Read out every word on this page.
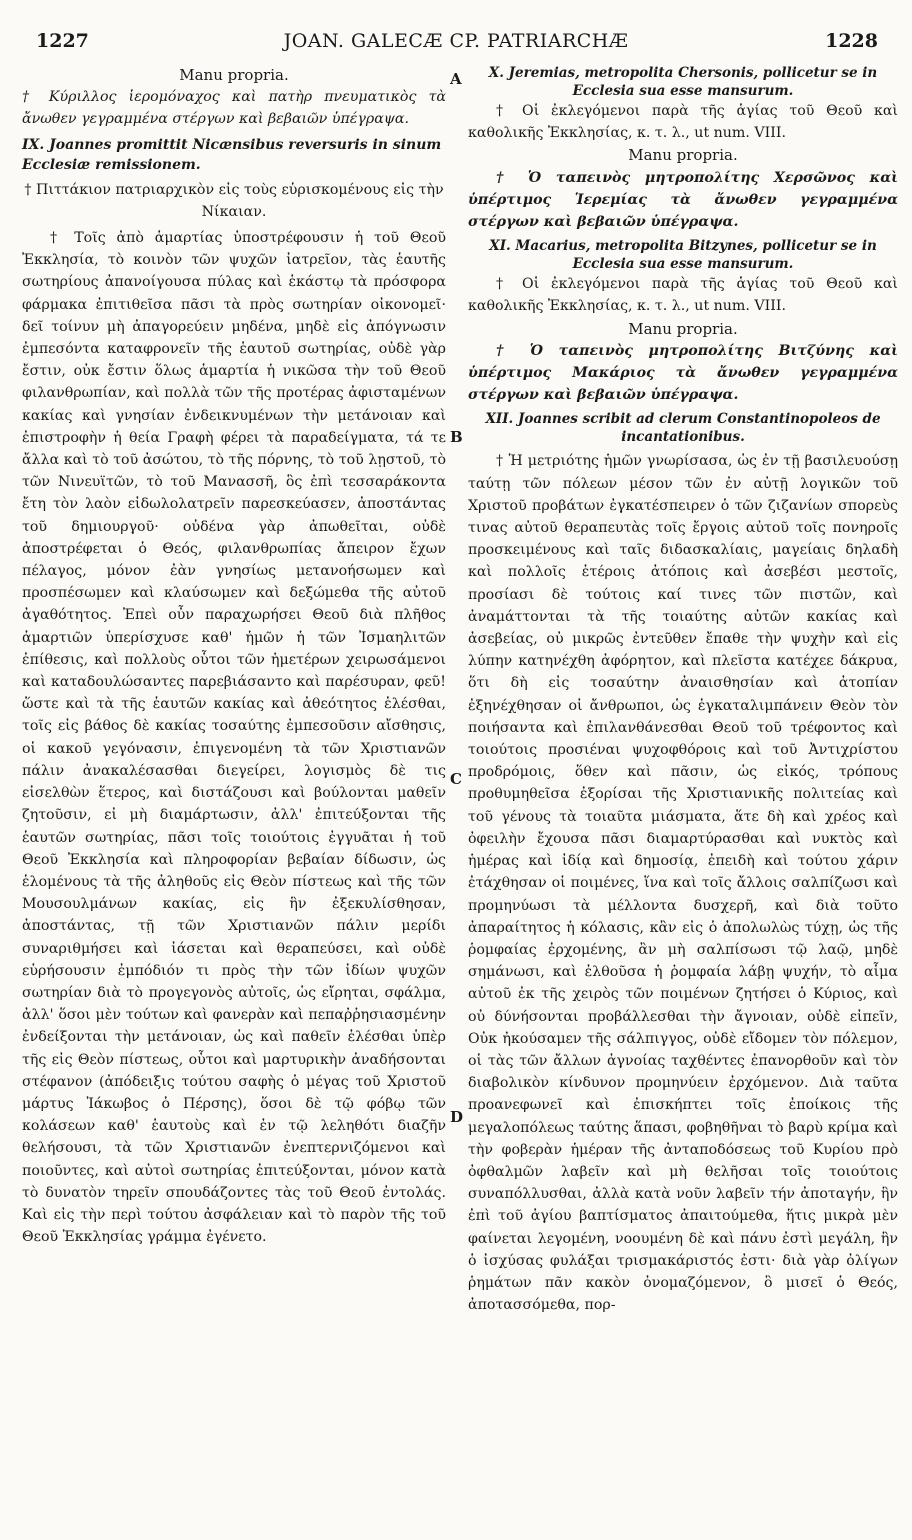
1227	JOAN. GALECÆ CP. PATRIARCHÆ	1228
A
B
C
D

Manu propria.

† Κύριλλος ἱερομόναχος καὶ πατὴρ πνευματικὸς τὰ ἄνωθεν γεγραμμένα στέργων καὶ βεβαιῶν ὑπέγραψα.

IX. Joannes promittit Nicænsibus reversuris in sinum Ecclesiæ remissionem.

† Πιττάκιον πατριαρχικὸν εἰς τοὺς εὑρισκομένους εἰς τὴν Νίκαιαν.

† Τοῖς ἀπὸ ἁμαρτίας ὑποστρέφουσιν ἡ τοῦ Θεοῦ Ἐκκλησία, τὸ κοινὸν τῶν ψυχῶν ἰατρεῖον, τὰς ἑαυτῆς σωτηρίους ἀπανοίγουσα πύλας καὶ ἑκάστῳ τὰ πρόσφορα φάρμακα ἐπιτιθεῖσα πᾶσι τὰ πρὸς σωτηρίαν οἰκονομεῖ· δεῖ τοίνυν μὴ ἀπαγορεύειν μηδένα, μηδὲ εἰς ἀπόγνωσιν ἐμπεσόντα καταφρονεῖν τῆς ἑαυτοῦ σωτηρίας, οὐδὲ γὰρ ἔστιν, οὐκ ἔστιν ὅλως ἁμαρτία ἡ νικῶσα τὴν τοῦ Θεοῦ φιλανθρωπίαν, καὶ πολλὰ τῶν τῆς προτέρας ἀφισταμένων κακίας καὶ γνησίαν ἐνδεικνυμένων τὴν μετάνοιαν καὶ ἐπιστροφὴν ἡ θεία Γραφὴ φέρει τὰ παραδείγματα, τά τε ἄλλα καὶ τὸ τοῦ ἀσώτου, τὸ τῆς πόρνης, τὸ τοῦ λῃστοῦ, τὸ τῶν Νινευϊτῶν, τὸ τοῦ Μανασσῆ, ὃς ἐπὶ τεσσαράκοντα ἔτη τὸν λαὸν εἰδωλολατρεῖν παρεσκεύασεν, ἀποστάντας τοῦ δημιουργοῦ· οὐδένα γὰρ ἀπωθεῖται, οὐδὲ ἀποστρέφεται ὁ Θεός, φιλανθρωπίας ἄπειρον ἔχων πέλαγος, μόνον ἐὰν γνησίως μετανοήσωμεν καὶ προσπέσωμεν καὶ κλαύσωμεν καὶ δεξώμεθα τῆς αὐτοῦ ἀγαθότητος. Ἐπεὶ οὖν παραχωρήσει Θεοῦ διὰ πλῆθος ἁμαρτιῶν ὑπερίσχυσε καθ' ἡμῶν ἡ τῶν Ἰσμαηλιτῶν ἐπίθεσις, καὶ πολλοὺς οὗτοι τῶν ἡμετέρων χειρωσάμενοι καὶ καταδουλώσαντες παρεβιάσαντο καὶ παρέσυραν, φεῦ! ὥστε καὶ τὰ τῆς ἑαυτῶν κακίας καὶ ἀθεότητος ἑλέσθαι, τοῖς εἰς βάθος δὲ κακίας τοσαύτης ἐμπεσοῦσιν αἴσθησις, οἱ κακοῦ γεγόνασιν, ἐπιγενομένη τὰ τῶν Χριστιανῶν πάλιν ἀνακαλέσασθαι διεγείρει, λογισμὸς δὲ τις εἰσελθὼν ἕτερος, καὶ διστάζουσι καὶ βούλονται μαθεῖν ζητοῦσιν, εἰ μὴ διαμάρτωσιν, ἀλλ' ἐπιτεύξονται τῆς ἑαυτῶν σωτηρίας, πᾶσι τοῖς τοιούτοις ἐγγυᾶται ἡ τοῦ Θεοῦ Ἐκκλησία καὶ πληροφορίαν βεβαίαν δίδωσιν, ὡς ἑλομένους τὰ τῆς ἀληθοῦς εἰς Θεὸν πίστεως καὶ τῆς τῶν Μουσουλμάνων κακίας, εἰς ἣν ἐξεκυλίσθησαν, ἀποστάντας, τῇ τῶν Χριστιανῶν πάλιν μερίδι συναριθμήσει καὶ ἰάσεται καὶ θεραπεύσει, καὶ οὐδὲ εὑρήσουσιν ἐμπόδιόν τι πρὸς τὴν τῶν ἰδίων ψυχῶν σωτηρίαν διὰ τὸ προγεγονὸς αὐτοῖς, ὡς εἴρηται, σφάλμα, ἀλλ' ὅσοι μὲν τούτων καὶ φανερὰν καὶ πεπαῤῥησιασμένην ἐνδείξονται τὴν μετάνοιαν, ὡς καὶ παθεῖν ἑλέσθαι ὑπὲρ τῆς εἰς Θεὸν πίστεως, οὗτοι καὶ μαρτυρικὴν ἀναδήσονται στέφανον (ἀπόδειξις τούτου σαφὴς ὁ μέγας τοῦ Χριστοῦ μάρτυς Ἰάκωβος ὁ Πέρσης), ὅσοι δὲ τῷ φόβῳ τῶν κολάσεων καθ' ἑαυτοὺς καὶ ἐν τῷ λεληθότι διαζῆν θελήσουσι, τὰ τῶν Χριστιανῶν ἐνεπτερνιζόμενοι καὶ ποιοῦντες, καὶ αὐτοὶ σωτηρίας ἐπιτεύξονται, μόνον κατὰ τὸ δυνατὸν τηρεῖν σπουδάζοντες τὰς τοῦ Θεοῦ ἐντολάς. Καὶ εἰς τὴν περὶ τούτου ἀσφάλειαν καὶ τὸ παρὸν τῆς τοῦ Θεοῦ Ἐκκλησίας γράμμα ἐγένετο.

X. Jeremias, metropolita Chersonis, pollicetur se in Ecclesia sua esse mansurum.

† Οἱ ἐκλεγόμενοι παρὰ τῆς ἁγίας τοῦ Θεοῦ καὶ καθολικῆς Ἐκκλησίας, κ. τ. λ., ut num. VIII.

Manu propria.

† Ὁ ταπεινὸς μητροπολίτης Χερσῶνος καὶ ὑπέρτιμος Ἱερεμίας τὰ ἄνωθεν γεγραμμένα στέργων καὶ βεβαιῶν ὑπέγραψα.

XI. Macarius, metropolita Bitzynes, pollicetur se in Ecclesia sua esse mansurum.

† Οἱ ἐκλεγόμενοι παρὰ τῆς ἁγίας τοῦ Θεοῦ καὶ καθολικῆς Ἐκκλησίας, κ. τ. λ., ut num. VIII.

Manu propria.

† Ὁ ταπεινὸς μητροπολίτης Βιτζύνης καὶ ὑπέρτιμος Μακάριος τὰ ἄνωθεν γεγραμμένα στέργων καὶ βεβαιῶν ὑπέγραψα.

XII. Joannes scribit ad clerum Constantinopoleos de incantationibus.

† Ἡ μετριότης ἡμῶν γνωρίσασα, ὡς ἐν τῇ βασιλευούσῃ ταύτῃ τῶν πόλεων μέσον τῶν ἐν αὐτῇ λογικῶν τοῦ Χριστοῦ προβάτων ἐγκατέσπειρεν ὁ τῶν ζιζανίων σπορεὺς τινας αὐτοῦ θεραπευτὰς τοῖς ἔργοις αὐτοῦ τοῖς πονηροῖς προσκειμένους καὶ ταῖς διδασκαλίαις, μαγείαις δηλαδὴ καὶ πολλοῖς ἑτέροις ἀτόποις καὶ ἀσεβέσι μεστοῖς, προσίασι δὲ τούτοις καί τινες τῶν πιστῶν, καὶ ἀναμάττονται τὰ τῆς τοιαύτης αὐτῶν κακίας καὶ ἀσεβείας, οὐ μικρῶς ἐντεῦθεν ἔπαθε τὴν ψυχὴν καὶ εἰς λύπην κατηνέχθη ἀφόρητον, καὶ πλεῖστα κατέχεε δάκρυα, ὅτι δὴ εἰς τοσαύτην ἀναισθησίαν καὶ ἀτοπίαν ἐξηνέχθησαν οἱ ἄνθρωποι, ὡς ἐγκαταλιμπάνειν Θεὸν τὸν ποιήσαντα καὶ ἐπιλανθάνεσθαι Θεοῦ τοῦ τρέφοντος καὶ τοιούτοις προσιέναι ψυχοφθόροις καὶ τοῦ Ἀντιχρίστου προδρόμοις, ὅθεν καὶ πᾶσιν, ὡς εἰκός, τρόπους προθυμηθεῖσα ἐξορίσαι τῆς Χριστιανικῆς πολιτείας καὶ τοῦ γένους τὰ τοιαῦτα μιάσματα, ἅτε δὴ καὶ χρέος καὶ ὀφειλὴν ἔχουσα πᾶσι διαμαρτύρασθαι καὶ νυκτὸς καὶ ἡμέρας καὶ ἰδίᾳ καὶ δημοσίᾳ, ἐπειδὴ καὶ τούτου χάριν ἐτάχθησαν οἱ ποιμένες, ἵνα καὶ τοῖς ἄλλοις σαλπίζωσι καὶ προμηνύωσι τὰ μέλλοντα δυσχερῆ, καὶ διὰ τοῦτο ἀπαραίτητος ἡ κόλασις, κἂν εἰς ὁ ἀπολωλὼς τύχῃ, ὡς τῆς ῥομφαίας ἐρχομένης, ἂν μὴ σαλπίσωσι τῷ λαῷ, μηδὲ σημάνωσι, καὶ ἐλθοῦσα ἡ ῥομφαία λάβῃ ψυχήν, τὸ αἷμα αὐτοῦ ἐκ τῆς χειρὸς τῶν ποιμένων ζητήσει ὁ Κύριος, καὶ οὐ δύνήσονται προβάλλεσθαι τὴν ἄγνοιαν, οὐδὲ εἰπεῖν, Οὐκ ἠκούσαμεν τῆς σάλπιγγος, οὐδὲ εἴδομεν τὸν πόλεμον, οἱ τὰς τῶν ἄλλων ἀγνοίας ταχθέντες ἐπανορθοῦν καὶ τὸν διαβολικὸν κίνδυνον προμηνύειν ἐρχόμενον. Διὰ ταῦτα προανεφωνεῖ καὶ ἐπισκήπτει τοῖς ἐποίκοις τῆς μεγαλοπόλεως ταύτης ἅπασι, φοβηθῆναι τὸ βαρὺ κρίμα καὶ τὴν φοβερὰν ἡμέραν τῆς ἀνταποδόσεως τοῦ Κυρίου πρὸ ὀφθαλμῶν λαβεῖν καὶ μὴ θελῆσαι τοῖς τοιούτοις συναπόλλυσθαι, ἀλλὰ κατὰ νοῦν λαβεῖν τήν ἀποταγήν, ἣν ἐπὶ τοῦ ἁγίου βαπτίσματος ἀπαιτούμεθα, ἥτις μικρὰ μὲν φαίνεται λεγομένη, νοουμένη δὲ καὶ πάνυ ἐστὶ μεγάλη, ἣν ὁ ἰσχύσας φυλάξαι τρισμακάριστός ἐστι· διὰ γὰρ ὀλίγων ῥημάτων πᾶν κακὸν ὀνομαζόμενον, ὃ μισεῖ ὁ Θεός, ἀποτασσόμεθα, πορ-
